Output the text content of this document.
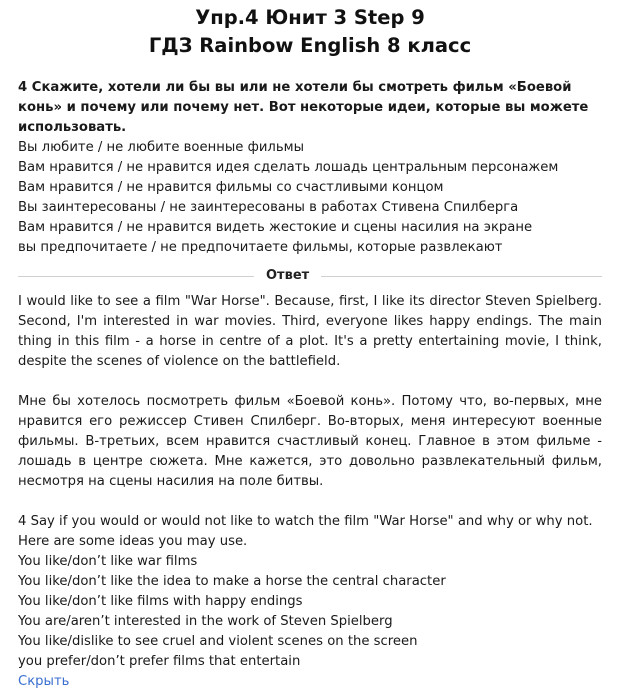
Упр.4 Юнит 3 Step 9

ГДЗ Rainbow English 8 класс

4 Скажите, хотели ли бы вы или не хотели бы смотреть фильм «Боевой конь» и почему или почему нет. Вот некоторые идеи, которые вы можете использовать.

Вы любите / не любите военные фильмы

Вам нравится / не нравится идея сделать лошадь центральным персонажем

Вам нравится / не нравится фильмы со счастливыми концом

Вы заинтересованы / не заинтересованы в работах Стивена Спилберга

Вам нравится / не нравится видеть жестокие и сцены насилия на экране

вы предпочитаете / не предпочитаете фильмы, которые развлекают

Ответ

I would like to see a film "War Horse". Because, first, I like its director Steven Spielberg. Second, I'm interested in war movies. Third, everyone likes happy endings. The main thing in this film - a horse in centre of a plot. It's a pretty entertaining movie, I think, despite the scenes of violence on the battlefield.

Мне бы хотелось посмотреть фильм «Боевой конь». Потому что, во-первых, мне нравится его режиссер Стивен Спилберг. Во-вторых, меня интересуют военные фильмы. В-третьих, всем нравится счастливый конец. Главное в этом фильме - лошадь в центре сюжета. Мне кажется, это довольно развлекательный фильм, несмотря на сцены насилия на поле битвы.

4 Say if you would or would not like to watch the film "War Horse" and why or why not.

Here are some ideas you may use.

You like/don’t like war films

You like/don’t like the idea to make a horse the central character

You like/don’t like films with happy endings

You are/aren’t interested in the work of Steven Spielberg

You like/dislike to see cruel and violent scenes on the screen

you prefer/don’t prefer films that entertain

Скрыть
